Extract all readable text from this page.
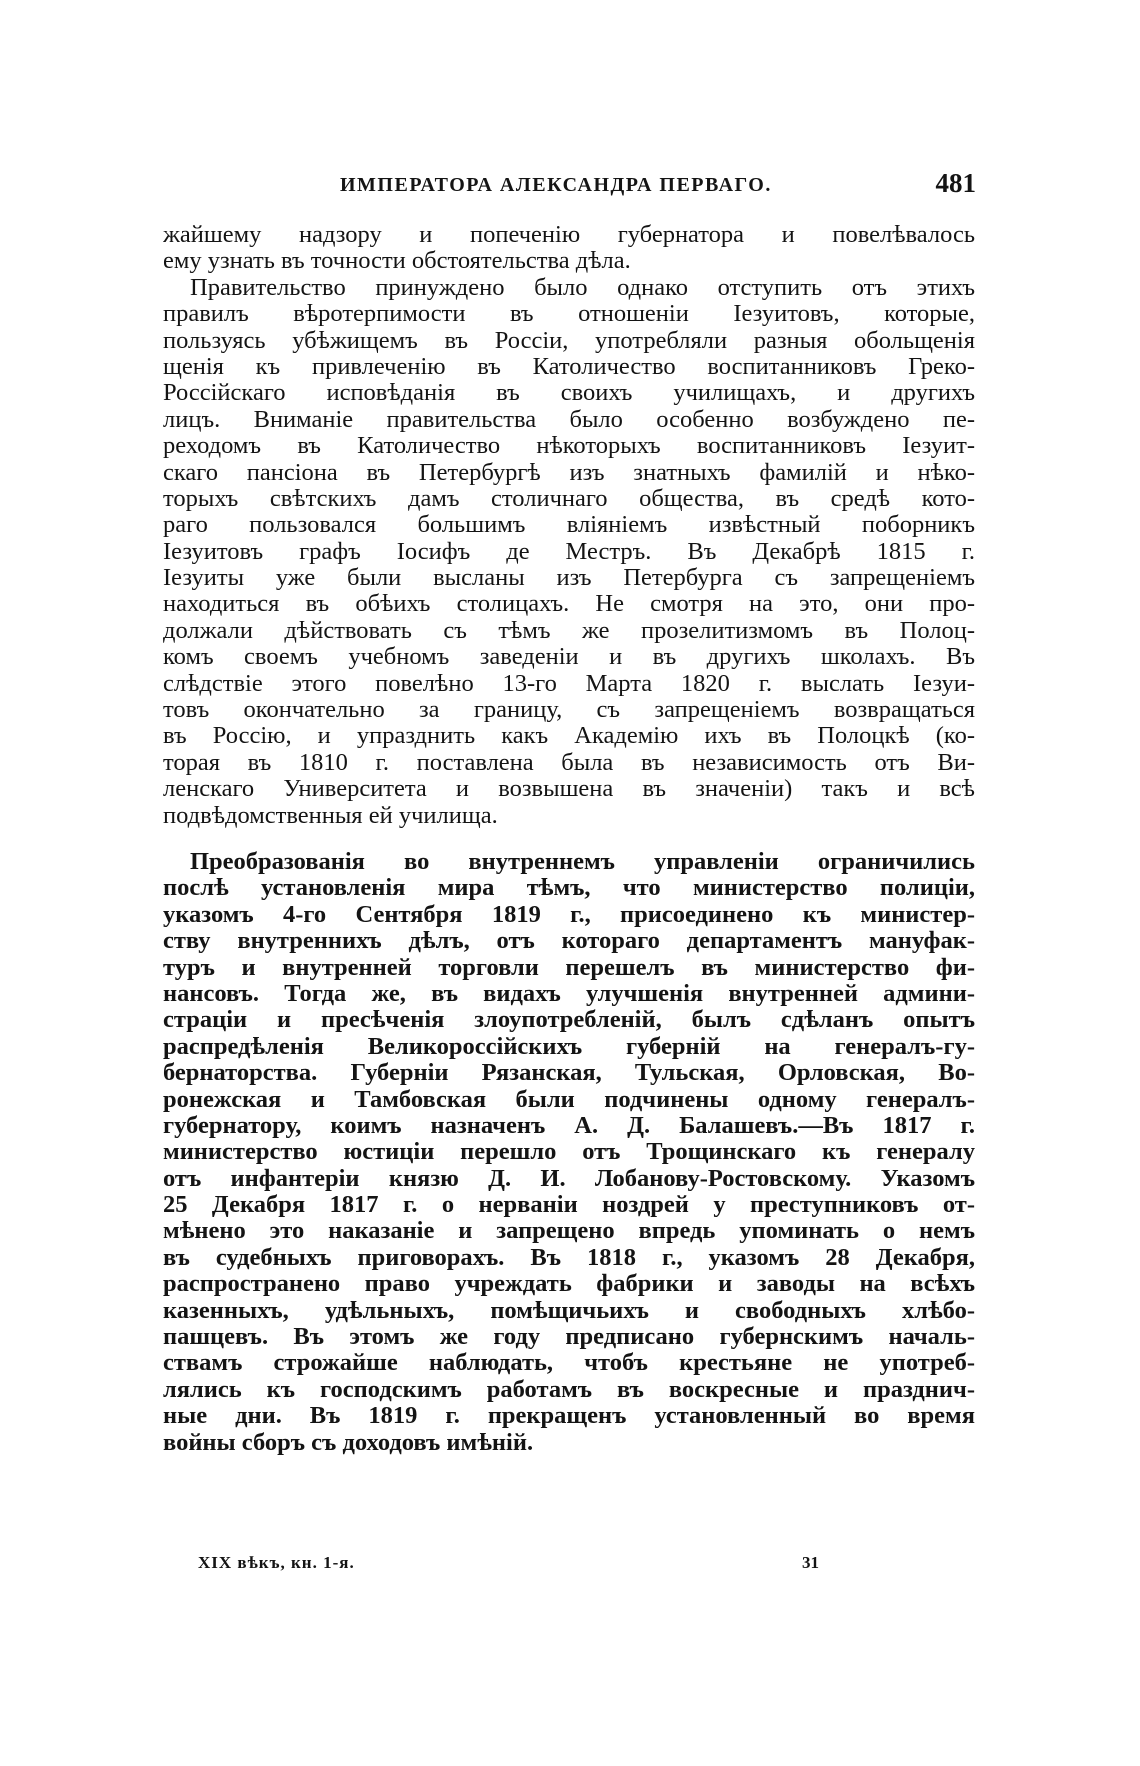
ИМПЕРАТОРА АЛЕКСАНДРА ПЕРВАГО.	481
жайшему надзору и попеченію губернатора и повелѣвалось
ему узнать въ точности обстоятельства дѣла.
Правительство принуждено было однако отступить отъ этихъ
правилъ вѣротерпимости въ отношеніи Іезуитовъ, которые,
пользуясь убѣжищемъ въ Россіи, употребляли разныя обольщенія
щенія къ привлеченію въ Католичество воспитанниковъ Греко-
Россійскаго исповѣданія въ своихъ училищахъ, и другихъ
лицъ. Вниманіе правительства было особенно возбуждено пе-
реходомъ въ Католичество нѣкоторыхъ воспитанниковъ Іезуит-
скаго пансіона въ Петербургѣ изъ знатныхъ фамилій и нѣко-
торыхъ свѣтскихъ дамъ столичнаго общества, въ средѣ кото-
раго пользовался большимъ вліяніемъ извѣстный поборникъ
Іезуитовъ графъ Іосифъ де Местръ. Въ Декабрѣ 1815 г.
Іезуиты уже были высланы изъ Петербурга съ запрещеніемъ
находиться въ обѣихъ столицахъ. Не смотря на это, они про-
должали дѣйствовать съ тѣмъ же прозелитизмомъ въ Полоц-
комъ своемъ учебномъ заведеніи и въ другихъ школахъ. Въ
слѣдствіе этого повелѣно 13-го Марта 1820 г. выслать Іезуи-
товъ окончательно за границу, съ запрещеніемъ возвращаться
въ Россію, и упразднить какъ Академію ихъ въ Полоцкѣ (ко-
торая въ 1810 г. поставлена была въ независимость отъ Ви-
ленскаго Университета и возвышена въ значеніи) такъ и всѣ
подвѣдомственныя ей училища.
Преобразованія во внутреннемъ управленіи ограничились
послѣ установленія мира тѣмъ, что министерство полиціи,
указомъ 4-го Сентября 1819 г., присоединено къ министер-
ству внутреннихъ дѣлъ, отъ котораго департаментъ мануфак-
туръ и внутренней торговли перешелъ въ министерство фи-
нансовъ. Тогда же, въ видахъ улучшенія внутренней админи-
страціи и пресѣченія злоупотребленій, былъ сдѣланъ опытъ
распредѣленія Великороссійскихъ губерній на генералъ-гу-
бернаторства. Губерніи Рязанская, Тульская, Орловская, Во-
ронежская и Тамбовская были подчинены одному генералъ-
губернатору, коимъ назначенъ А. Д. Балашевъ.—Въ 1817 г.
министерство юстиціи перешло отъ Трощинскаго къ генералу
отъ инфантеріи князю Д. И. Лобанову-Ростовскому. Указомъ
25 Декабря 1817 г. о нерваніи ноздрей у преступниковъ от-
мѣнено это наказаніе и запрещено впредь упоминать о немъ
въ судебныхъ приговорахъ. Въ 1818 г., указомъ 28 Декабря,
распространено право учреждать фабрики и заводы на всѣхъ
казенныхъ, удѣльныхъ, помѣщичьихъ и свободныхъ хлѣбо-
пашцевъ. Въ этомъ же году предписано губернскимъ началь-
ствамъ строжайше наблюдать, чтобъ крестьяне не употреб-
лялись къ господскимъ работамъ въ воскресные и празднич-
ные дни. Въ 1819 г. прекращенъ установленный во время
войны сборъ съ доходовъ имѣній.
XIX вѣкъ, кн. 1-я.	31
